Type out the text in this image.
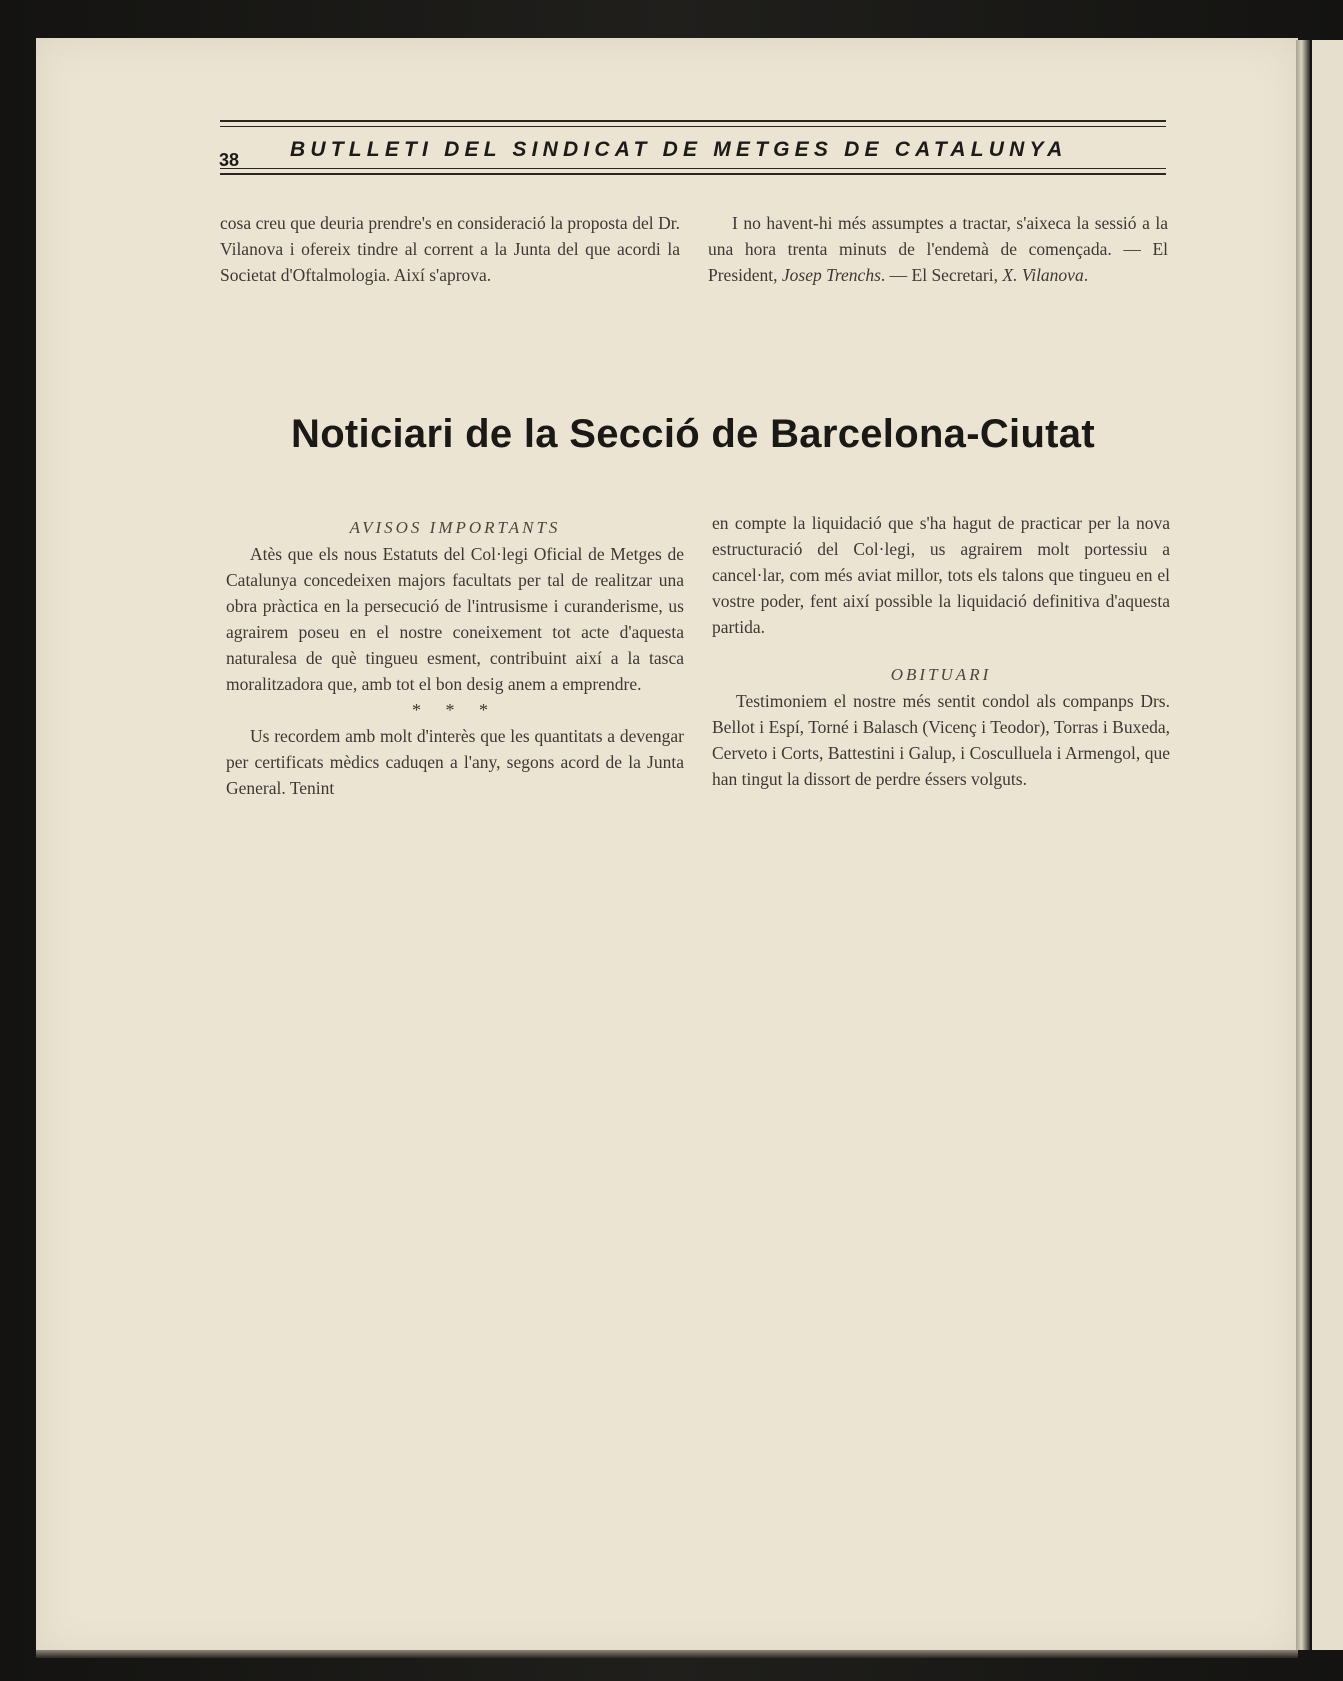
38 BUTLLETI DEL SINDICAT DE METGES DE CATALUNYA

cosa creu que deuria prendre's en consideració la proposta del Dr. Vilanova i ofereix tindre al corrent a la Junta del que acordi la Societat d'Oftalmologia. Així s'aprova.

I no havent-hi més assumptes a tractar, s'aixeca la sessió a la una hora trenta minuts de l'endemà de començada. — El President, Josep Trenchs. — El Secretari, X. Vilanova.

Noticiari de la Secció de Barcelona-Ciutat

AVISOS IMPORTANTS

Atès que els nous Estatuts del Col·legi Oficial de Metges de Catalunya concedeixen majors facultats per tal de realitzar una obra pràctica en la persecució de l'intrusisme i curanderisme, us agrairem poseu en el nostre coneixement tot acte d'aquesta naturalesa de què tingueu esment, contribuint així a la tasca moralitzadora que, amb tot el bon desig anem a emprendre.

* * *

Us recordem amb molt d'interès que les quantitats a devengar per certificats mèdics caduqen a l'any, segons acord de la Junta General. Tenint

en compte la liquidació que s'ha hagut de practicar per la nova estructuració del Col·legi, us agrairem molt portessiu a cancel·lar, com més aviat millor, tots els talons que tingueu en el vostre poder, fent així possible la liquidació definitiva d'aquesta partida.

OBITUARI

Testimoniem el nostre més sentit condol als companps Drs. Bellot i Espí, Torné i Balasch (Vicenç i Teodor), Torras i Buxeda, Cerveto i Corts, Battestini i Galup, i Cosculluela i Armengol, que han tingut la dissort de perdre éssers volguts.
